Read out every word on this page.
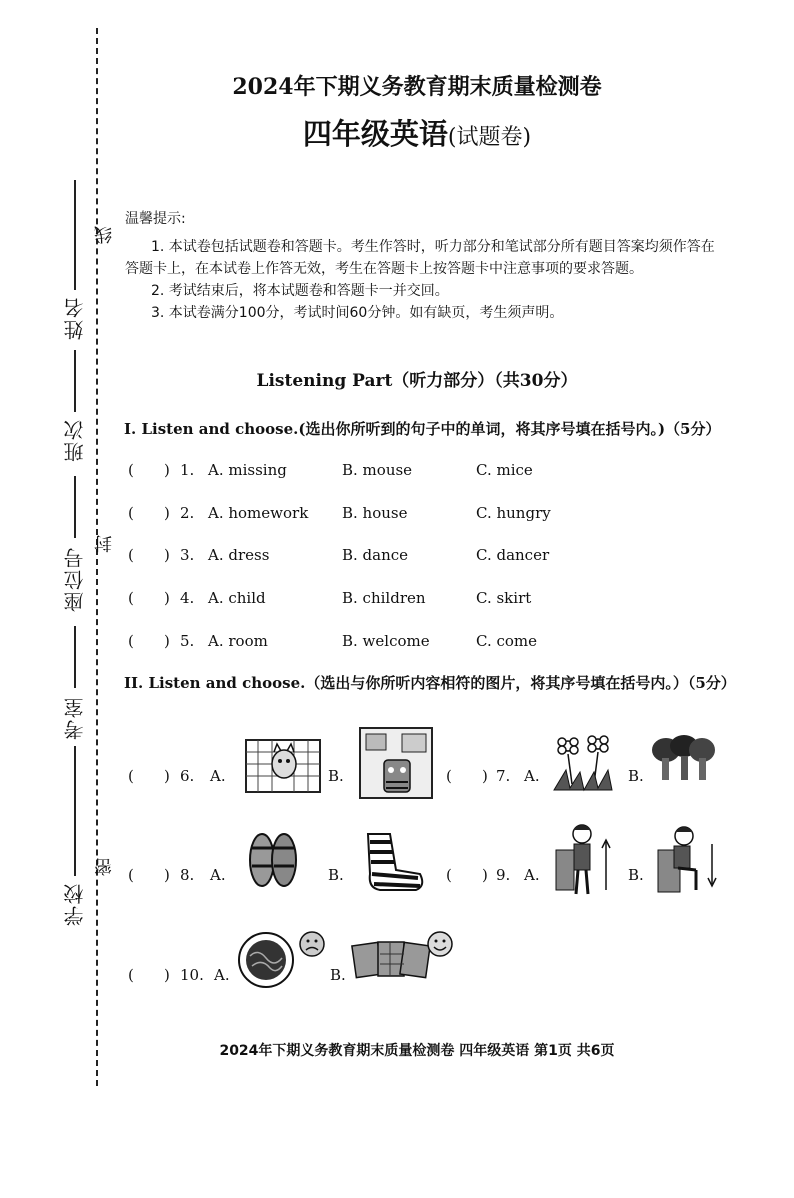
线
封
密
姓名
班次
座位号
考室
学校
2024年下期义务教育期末质量检测卷
四年级英语(试题卷)

温馨提示:

1. 本试卷包括试题卷和答题卡。考生作答时，听力部分和笔试部分所有题目答案均须作答在答题卡上，在本试卷上作答无效，考生在答题卡上按答题卡中注意事项的要求答题。

2. 考试结束后，将本试题卷和答题卡一并交回。

3. 本试卷满分100分，考试时间60分钟。如有缺页，考生须声明。

Listening Part（听力部分）（共30分）
I. Listen and choose.(选出你所听到的句子中的单词，将其序号填在括号内。)（5分）
( ) 1. A. missing	B. mouse	C. mice
( ) 2. A. homework B. house	C. hungry
( ) 3. A. dress	B. dance	C. dancer
( ) 4. A. child	B. children	C. skirt
( ) 5. A. room	B. welcome	C. come
II. Listen and choose.（选出与你所听内容相符的图片，将其序号填在括号内。）（5分）
( ) 6. A.	B.	( ) 7. A.	B.
( ) 8. A.	B.	( ) 9. A.	B.
( ) 10. A.	B.
2024年下期义务教育期末质量检测卷 四年级英语 第1页 共6页
